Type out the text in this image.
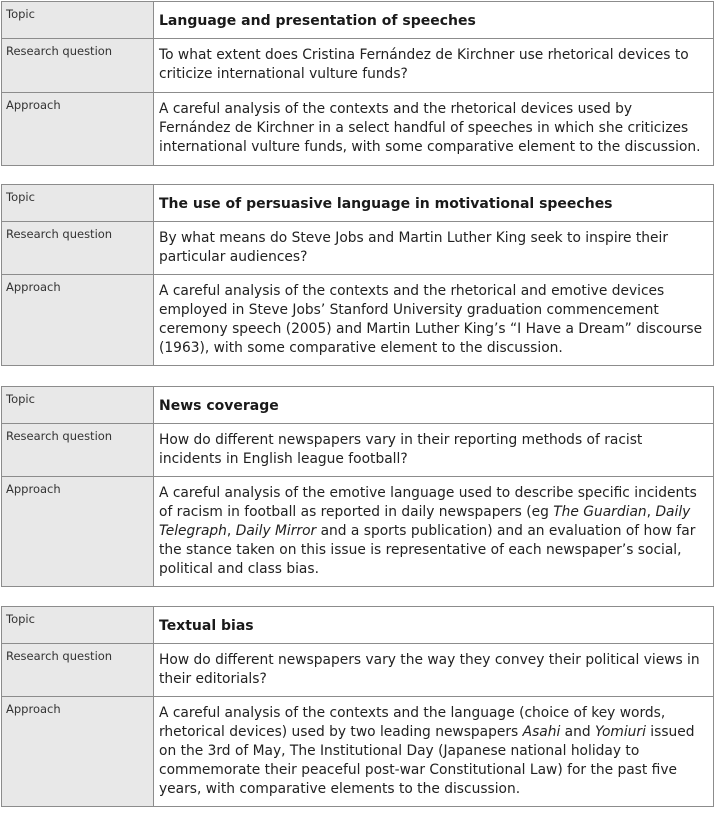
Topic	Language and presentation of speeches
Research question	To what extent does Cristina Fernández de Kirchner use rhetorical devices to criticize international vulture funds?
Approach	A careful analysis of the contexts and the rhetorical devices used by Fernández de Kirchner in a select handful of speeches in which she criticizes international vulture funds, with some comparative element to the discussion.
Topic	The use of persuasive language in motivational speeches
Research question	By what means do Steve Jobs and Martin Luther King seek to inspire their particular audiences?
Approach	A careful analysis of the contexts and the rhetorical and emotive devices employed in Steve Jobs’ Stanford University graduation commencement ceremony speech (2005) and Martin Luther King’s “I Have a Dream” discourse (1963), with some comparative element to the discussion.
Topic	News coverage
Research question	How do different newspapers vary in their reporting methods of racist incidents in English league football?
Approach	A careful analysis of the emotive language used to describe specific incidents of racism in football as reported in daily newspapers (eg The Guardian, Daily Telegraph, Daily Mirror and a sports publication) and an evaluation of how far the stance taken on this issue is representative of each newspaper’s social, political and class bias.
Topic	Textual bias
Research question	How do different newspapers vary the way they convey their political views in their editorials?
Approach	A careful analysis of the contexts and the language (choice of key words, rhetorical devices) used by two leading newspapers Asahi and Yomiuri issued on the 3rd of May, The Institutional Day (Japanese national holiday to commemorate their peaceful post-war Constitutional Law) for the past five years, with comparative elements to the discussion.
